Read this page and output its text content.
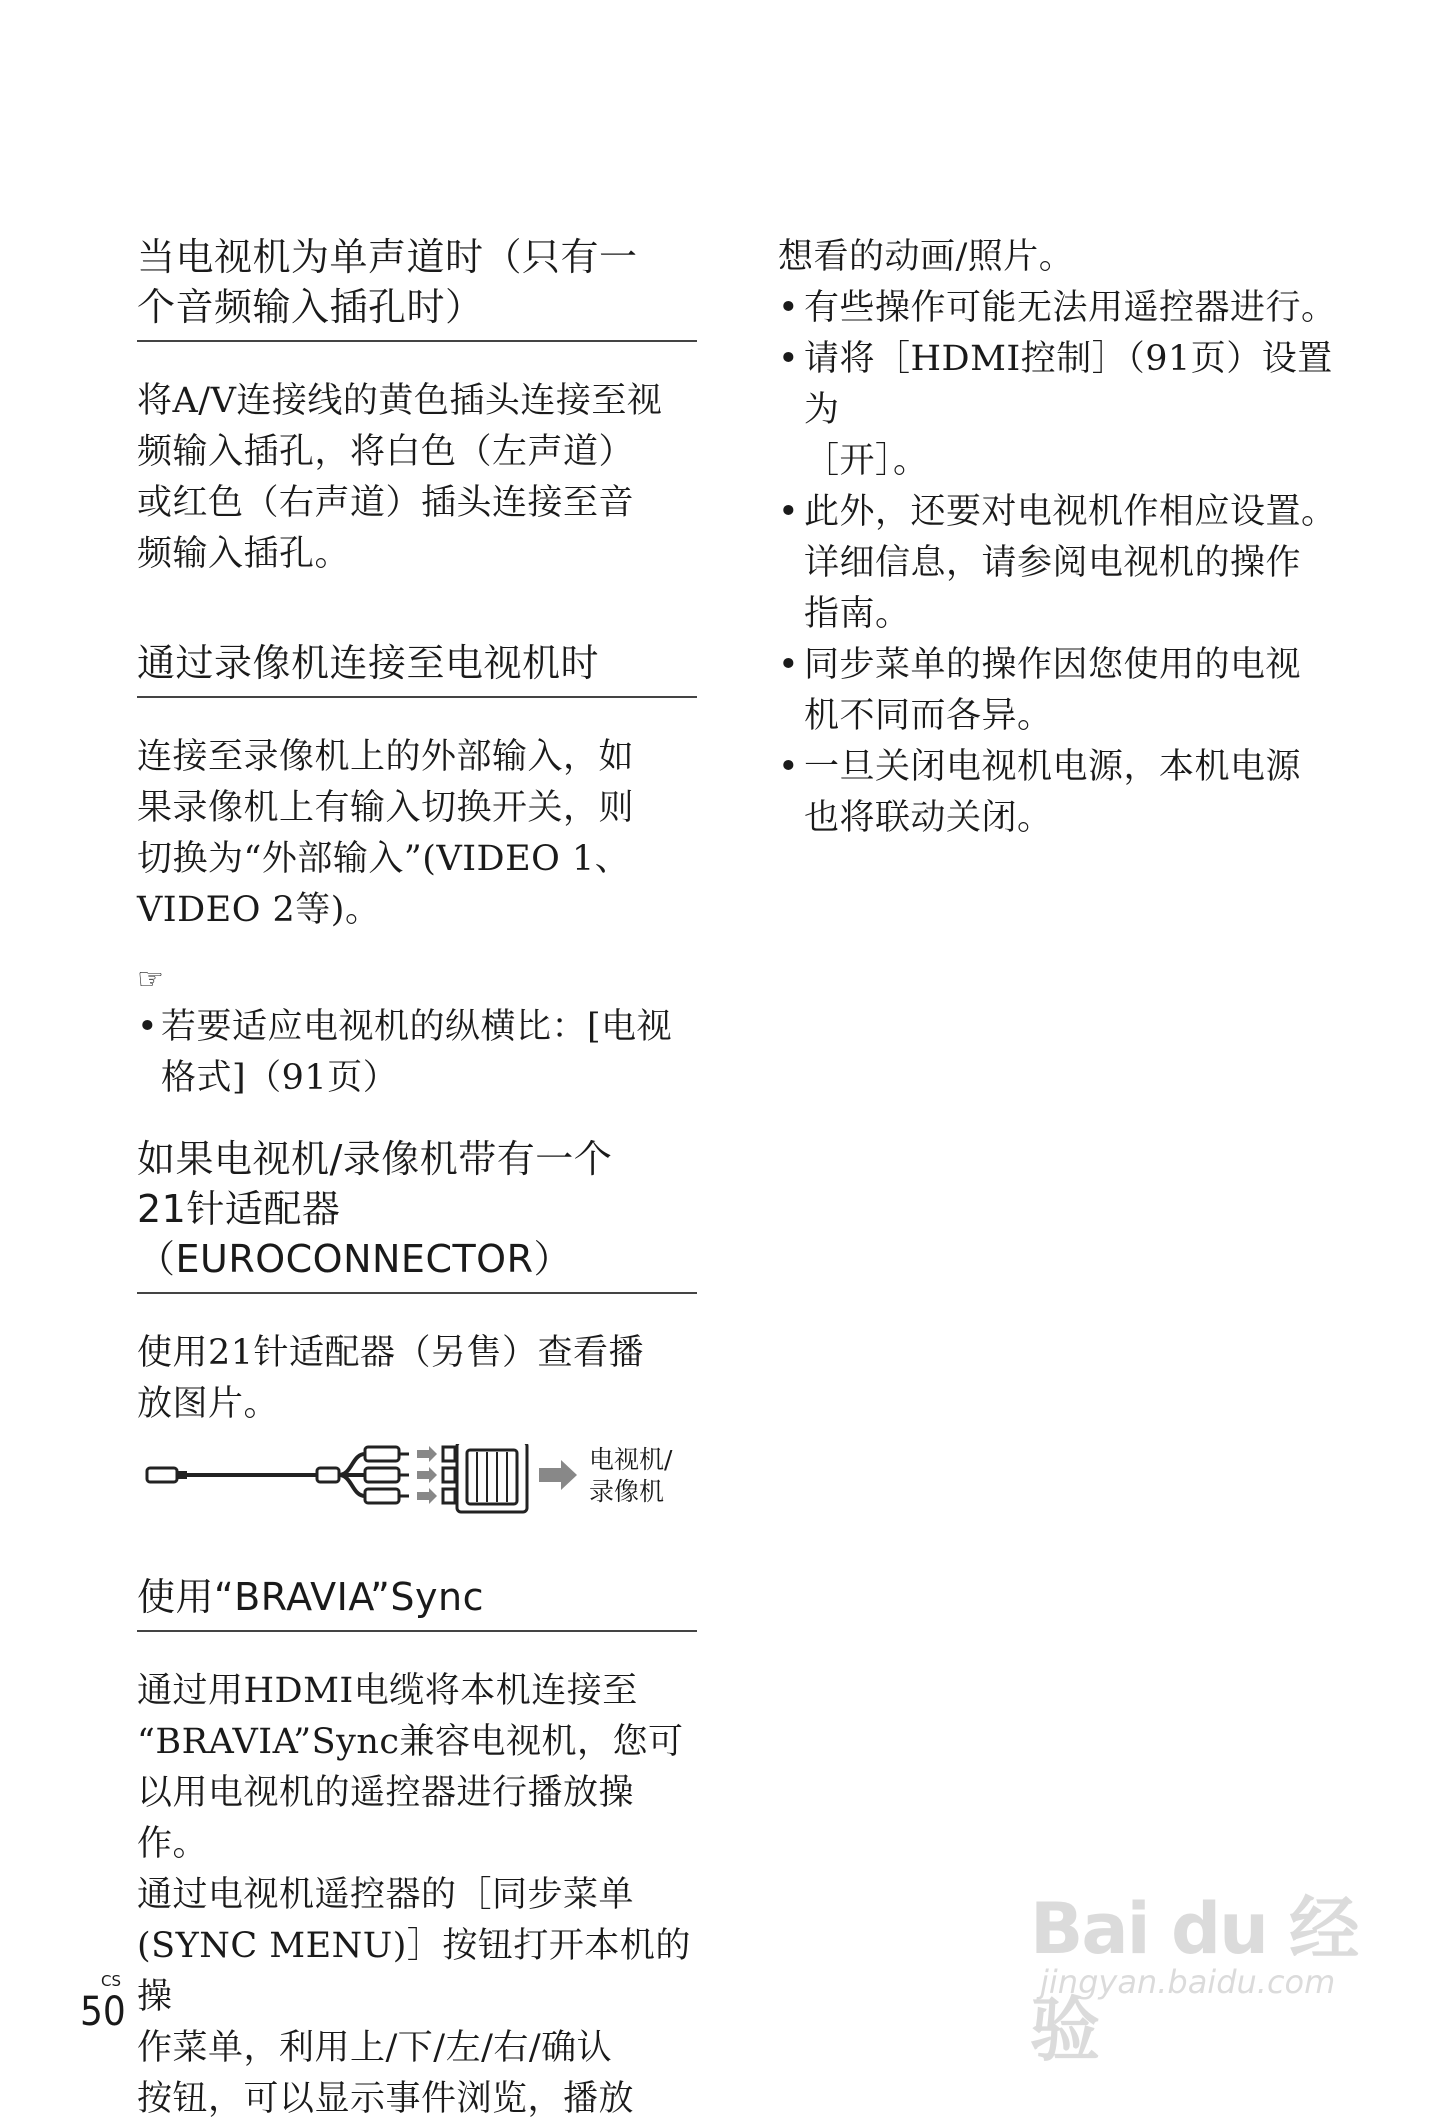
当电视机为单声道时（只有一
个音频输入插孔时）

将A/V连接线的黄色插头连接至视

频输入插孔，将白色（左声道）

或红色（右声道）插头连接至音

频输入插孔。

通过录像机连接至电视机时

连接至录像机上的外部输入，如

果录像机上有输入切换开关，则

切换为“外部输入”(VIDEO 1、

VIDEO 2等)。

☞
• 若要适应电视机的纵横比：[电视
格式]（91页）
如果电视机/录像机带有一个
21针适配器（EUROCONNECTOR）

使用21针适配器（另售）查看播

放图片。

电视机/
录像机
使用“BRAVIA”Sync

通过用HDMI电缆将本机连接至

“BRAVIA”Sync兼容电视机，您可

以用电视机的遥控器进行播放操

作。

通过电视机遥控器的［同步菜单

(SYNC MENU)］按钮打开本机的操

作菜单，利用上/下/左/右/确认

按钮，可以显示事件浏览，播放

想看的动画/照片。

• 有些操作可能无法用遥控器进行。
• 请将［HDMI控制］（91页）设置为
［开］。
• 此外，还要对电视机作相应设置。
详细信息，请参阅电视机的操作
指南。
• 同步菜单的操作因您使用的电视
机不同而各异。
• 一旦关闭电视机电源，本机电源
也将联动关闭。
CS
50
Bai du 经验
jingyan.baidu.com
